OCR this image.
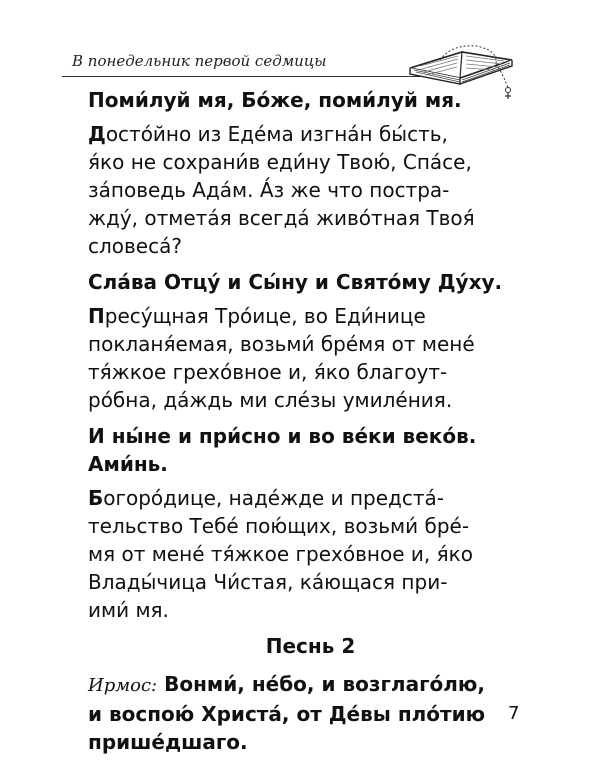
В понедельник первой седмицы
Поми́луй мя, Бо́же, поми́луй мя.
Досто́йно из Еде́ма изгна́н бы́сть,
я́ко не сохрани́в еди́ну Твою́, Спа́се,
за́поведь Ада́м. А́з же что пострa-
жду́, отмета́я всегда́ живо́тная Твоя́
словеса́?
Сла́ва Отцу́ и Сы́ну и Свято́му Ду́ху.
Пресу́щная Тро́ице, во Еди́нице
покланя́емая, возьми́ бре́мя от мене́
тя́жкое грехо́вное и, я́ко благоут-
ро́бна, да́ждь ми слéзы умиле́ния.
И ны́не и при́сно и во ве́ки веко́в.
Ами́нь.
Богоро́дице, наде́жде и предста́-
тельство Тебе́ пою́щих, возьми́ бре́-
мя от мене́ тя́жкое грехо́вное и, я́ко
Влады́чица Чи́стая, ка́ющася при-
ими́ мя.
Песнь 2
Ирмос: Вонми́, не́бо, и возглаго́лю,
и воспою́ Христа́, от Де́вы пло́тию
прише́дшаго.
7
